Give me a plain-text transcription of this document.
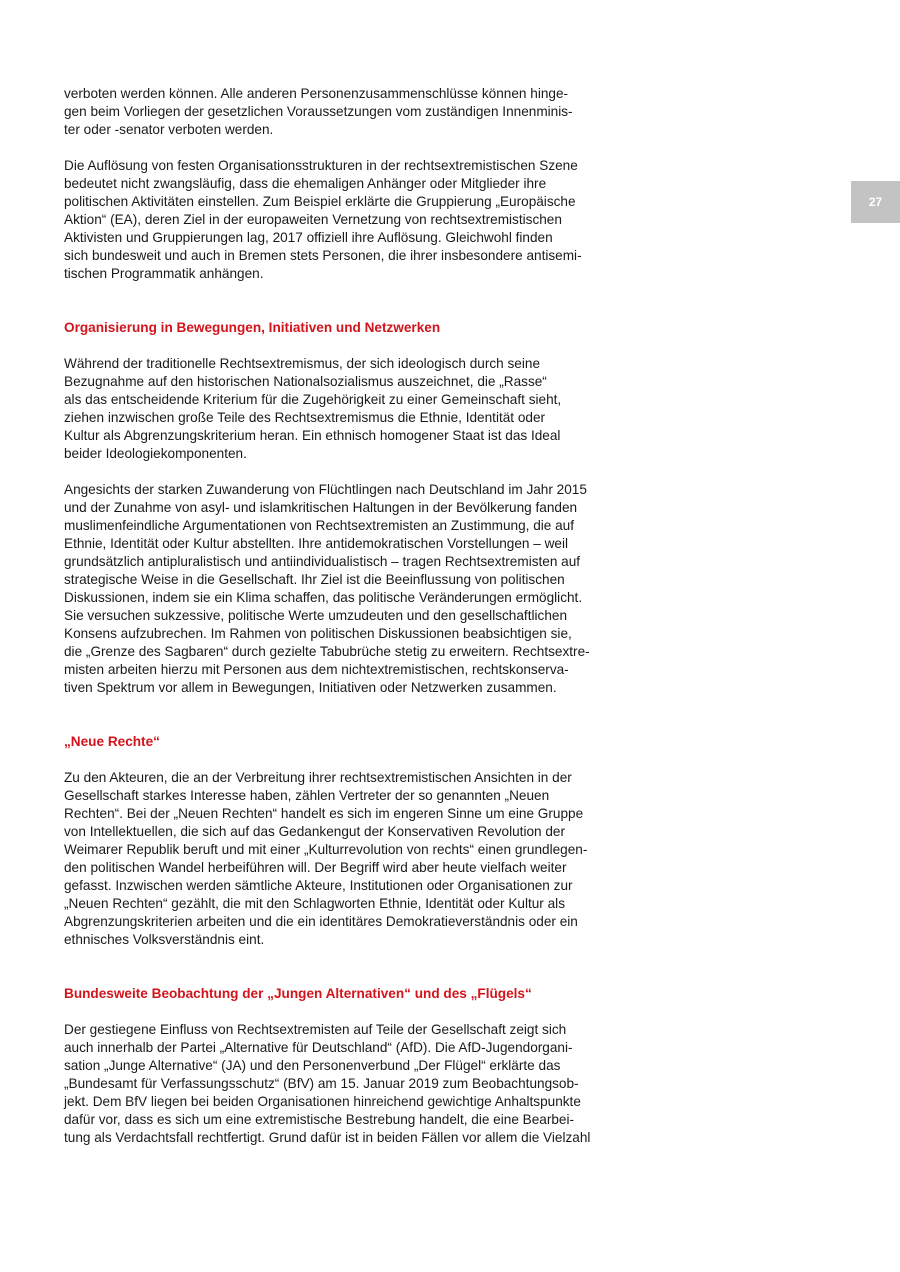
27
verboten werden können. Alle anderen Personenzusammenschlüsse können hinge-
gen beim Vorliegen der gesetzlichen Voraussetzungen vom zuständigen Innenminis-
ter oder -senator verboten werden.
Die Auflösung von festen Organisationsstrukturen in der rechtsextremistischen Szene
bedeutet nicht zwangsläufig, dass die ehemaligen Anhänger oder Mitglieder ihre
politischen Aktivitäten einstellen. Zum Beispiel erklärte die Gruppierung „Europäische
Aktion“ (EA), deren Ziel in der europaweiten Vernetzung von rechtsextremistischen
Aktivisten und Gruppierungen lag, 2017 offiziell ihre Auflösung. Gleichwohl finden
sich bundesweit und auch in Bremen stets Personen, die ihrer insbesondere antisemi-
tischen Programmatik anhängen.
Organisierung in Bewegungen, Initiativen und Netzwerken
Während der traditionelle Rechtsextremismus, der sich ideologisch durch seine
Bezugnahme auf den historischen Nationalsozialismus auszeichnet, die „Rasse“
als das entscheidende Kriterium für die Zugehörigkeit zu einer Gemeinschaft sieht,
ziehen inzwischen große Teile des Rechtsextremismus die Ethnie, Identität oder
Kultur als Abgrenzungskriterium heran. Ein ethnisch homogener Staat ist das Ideal
beider Ideologiekomponenten.
Angesichts der starken Zuwanderung von Flüchtlingen nach Deutschland im Jahr 2015
und der Zunahme von asyl- und islamkritischen Haltungen in der Bevölkerung fanden
muslimenfeindliche Argumentationen von Rechtsextremisten an Zustimmung, die auf
Ethnie, Identität oder Kultur abstellten. Ihre antidemokratischen Vorstellungen – weil
grundsätzlich antipluralistisch und antiindividualistisch – tragen Rechtsextremisten auf
strategische Weise in die Gesellschaft. Ihr Ziel ist die Beeinflussung von politischen
Diskussionen, indem sie ein Klima schaffen, das politische Veränderungen ermöglicht.
Sie versuchen sukzessive, politische Werte umzudeuten und den gesellschaftlichen
Konsens aufzubrechen. Im Rahmen von politischen Diskussionen beabsichtigen sie,
die „Grenze des Sagbaren“ durch gezielte Tabubrüche stetig zu erweitern. Rechtsextre-
misten arbeiten hierzu mit Personen aus dem nichtextremistischen, rechtskonserva-
tiven Spektrum vor allem in Bewegungen, Initiativen oder Netzwerken zusammen.
„Neue Rechte“
Zu den Akteuren, die an der Verbreitung ihrer rechtsextremistischen Ansichten in der
Gesellschaft starkes Interesse haben, zählen Vertreter der so genannten „Neuen
Rechten“. Bei der „Neuen Rechten“ handelt es sich im engeren Sinne um eine Gruppe
von Intellektuellen, die sich auf das Gedankengut der Konservativen Revolution der
Weimarer Republik beruft und mit einer „Kulturrevolution von rechts“ einen grundlegen-
den politischen Wandel herbeiführen will. Der Begriff wird aber heute vielfach weiter
gefasst. Inzwischen werden sämtliche Akteure, Institutionen oder Organisationen zur
„Neuen Rechten“ gezählt, die mit den Schlagworten Ethnie, Identität oder Kultur als
Abgrenzungskriterien arbeiten und die ein identitäres Demokratieverständnis oder ein
ethnisches Volksverständnis eint.
Bundesweite Beobachtung der „Jungen Alternativen“ und des „Flügels“
Der gestiegene Einfluss von Rechtsextremisten auf Teile der Gesellschaft zeigt sich
auch innerhalb der Partei „Alternative für Deutschland“ (AfD). Die AfD-Jugendorgani-
sation „Junge Alternative“ (JA) und den Personenverbund „Der Flügel“ erklärte das
„Bundesamt für Verfassungsschutz“ (BfV) am 15. Januar 2019 zum Beobachtungsob-
jekt. Dem BfV liegen bei beiden Organisationen hinreichend gewichtige Anhaltspunkte
dafür vor, dass es sich um eine extremistische Bestrebung handelt, die eine Bearbei-
tung als Verdachtsfall rechtfertigt. Grund dafür ist in beiden Fällen vor allem die Vielzahl
